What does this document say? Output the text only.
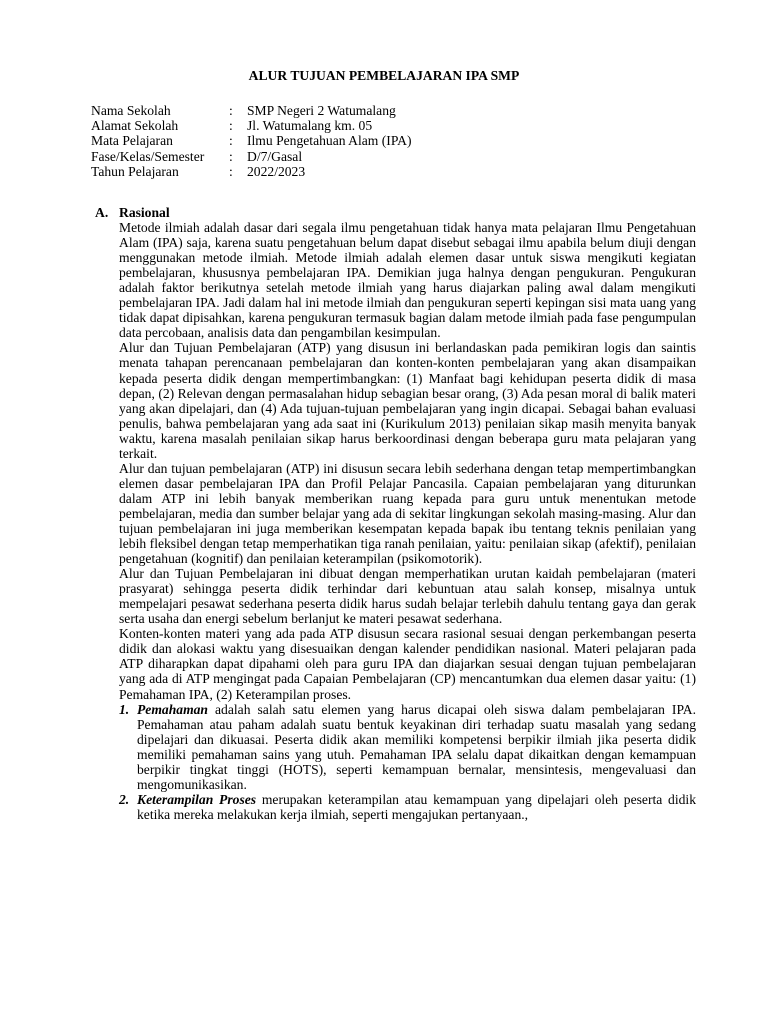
ALUR TUJUAN PEMBELAJARAN IPA SMP
Nama Sekolah	: SMP Negeri 2 Watumalang
Alamat Sekolah	: Jl. Watumalang km. 05
Mata Pelajaran	: Ilmu Pengetahuan Alam (IPA)
Fase/Kelas/Semester : D/7/Gasal
Tahun Pelajaran	: 2022/2023
A. Rasional

Metode ilmiah adalah dasar dari segala ilmu pengetahuan tidak hanya mata pelajaran Ilmu Pengetahuan Alam (IPA) saja, karena suatu pengetahuan belum dapat disebut sebagai ilmu apabila belum diuji dengan menggunakan metode ilmiah. Metode ilmiah adalah elemen dasar untuk siswa mengikuti kegiatan pembelajaran, khususnya pembelajaran IPA. Demikian juga halnya dengan pengukuran. Pengukuran adalah faktor berikutnya setelah metode ilmiah yang harus diajarkan paling awal dalam mengikuti pembelajaran IPA. Jadi dalam hal ini metode ilmiah dan pengukuran seperti kepingan sisi mata uang yang tidak dapat dipisahkan, karena pengukuran termasuk bagian dalam metode ilmiah pada fase pengumpulan data percobaan, analisis data dan pengambilan kesimpulan.

Alur dan Tujuan Pembelajaran (ATP) yang disusun ini berlandaskan pada pemikiran logis dan saintis menata tahapan perencanaan pembelajaran dan konten-konten pembelajaran yang akan disampaikan kepada peserta didik dengan mempertimbangkan: (1) Manfaat bagi kehidupan peserta didik di masa depan, (2) Relevan dengan permasalahan hidup sebagian besar orang, (3) Ada pesan moral di balik materi yang akan dipelajari, dan (4) Ada tujuan-tujuan pembelajaran yang ingin dicapai. Sebagai bahan evaluasi penulis, bahwa pembelajaran yang ada saat ini (Kurikulum 2013) penilaian sikap masih menyita banyak waktu, karena masalah penilaian sikap harus berkoordinasi dengan beberapa guru mata pelajaran yang terkait.

Alur dan tujuan pembelajaran (ATP) ini disusun secara lebih sederhana dengan tetap mempertimbangkan elemen dasar pembelajaran IPA dan Profil Pelajar Pancasila. Capaian pembelajaran yang diturunkan dalam ATP ini lebih banyak memberikan ruang kepada para guru untuk menentukan metode pembelajaran, media dan sumber belajar yang ada di sekitar lingkungan sekolah masing-masing. Alur dan tujuan pembelajaran ini juga memberikan kesempatan kepada bapak ibu tentang teknis penilaian yang lebih fleksibel dengan tetap memperhatikan tiga ranah penilaian, yaitu: penilaian sikap (afektif), penilaian pengetahuan (kognitif) dan penilaian keterampilan (psikomotorik).

Alur dan Tujuan Pembelajaran ini dibuat dengan memperhatikan urutan kaidah pembelajaran (materi prasyarat) sehingga peserta didik terhindar dari kebuntuan atau salah konsep, misalnya untuk mempelajari pesawat sederhana peserta didik harus sudah belajar terlebih dahulu tentang gaya dan gerak serta usaha dan energi sebelum berlanjut ke materi pesawat sederhana.

Konten-konten materi yang ada pada ATP disusun secara rasional sesuai dengan perkembangan peserta didik dan alokasi waktu yang disesuaikan dengan kalender pendidikan nasional. Materi pelajaran pada ATP diharapkan dapat dipahami oleh para guru IPA dan diajarkan sesuai dengan tujuan pembelajaran yang ada di ATP mengingat pada Capaian Pembelajaran (CP) mencantumkan dua elemen dasar yaitu: (1) Pemahaman IPA, (2) Keterampilan proses.

1. Pemahaman adalah salah satu elemen yang harus dicapai oleh siswa dalam pembelajaran IPA. Pemahaman atau paham adalah suatu bentuk keyakinan diri terhadap suatu masalah yang sedang dipelajari dan dikuasai. Peserta didik akan memiliki kompetensi berpikir ilmiah jika peserta didik memiliki pemahaman sains yang utuh. Pemahaman IPA selalu dapat dikaitkan dengan kemampuan berpikir tingkat tinggi (HOTS), seperti kemampuan bernalar, mensintesis, mengevaluasi dan mengomunikasikan.
2. Keterampilan Proses merupakan keterampilan atau kemampuan yang dipelajari oleh peserta didik ketika mereka melakukan kerja ilmiah, seperti mengajukan pertanyaan.,
